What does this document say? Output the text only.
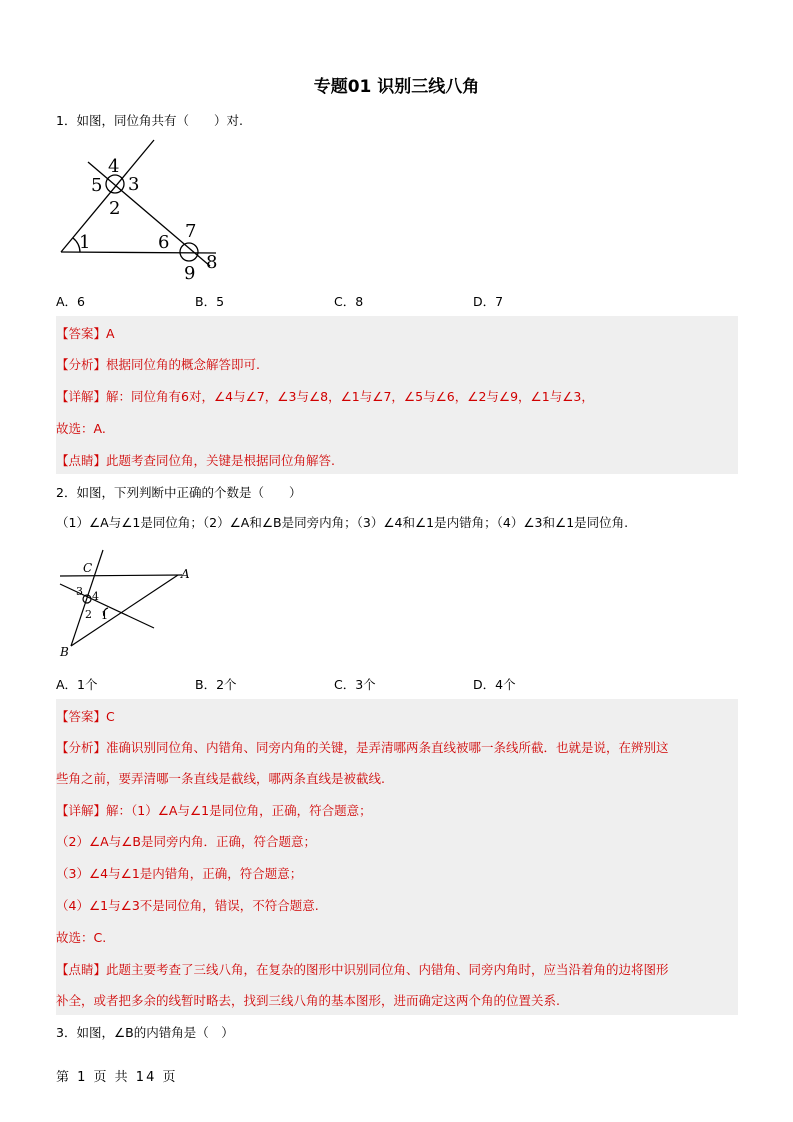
专题01 识别三线八角
1．如图，同位角共有（　　）对.
4
5 3
2
1	6
7
8
9
A．6	B．5	C．8	D．7
【答案】A
【分析】根据同位角的概念解答即可.
【详解】解：同位角有6对，∠4与∠7，∠3与∠8，∠1与∠7，∠5与∠6，∠2与∠9，∠1与∠3，
故选：A.
【点睛】此题考查同位角，关键是根据同位角解答.
2．如图，下列判断中正确的个数是（　　）
（1）∠A与∠1是同位角；（2）∠A和∠B是同旁内角；（3）∠4和∠1是内错角；（4）∠3和∠1是同位角.
C	A
3 4
2 1
B
A．1个	B．2个	C．3个	D．4个
【答案】C
【分析】准确识别同位角、内错角、同旁内角的关键，是弄清哪两条直线被哪一条线所截．也就是说，在辨别这
些角之前，要弄清哪一条直线是截线，哪两条直线是被截线.
【详解】解：（1）∠A与∠1是同位角，正确，符合题意；
（2）∠A与∠B是同旁内角．正确，符合题意；
（3）∠4与∠1是内错角，正确，符合题意；
（4）∠1与∠3不是同位角，错误，不符合题意.
故选：C.
【点睛】此题主要考查了三线八角，在复杂的图形中识别同位角、内错角、同旁内角时，应当沿着角的边将图形
补全，或者把多余的线暂时略去，找到三线八角的基本图形，进而确定这两个角的位置关系.
3．如图，∠B的内错角是（　）
第 1 页 共 14 页
